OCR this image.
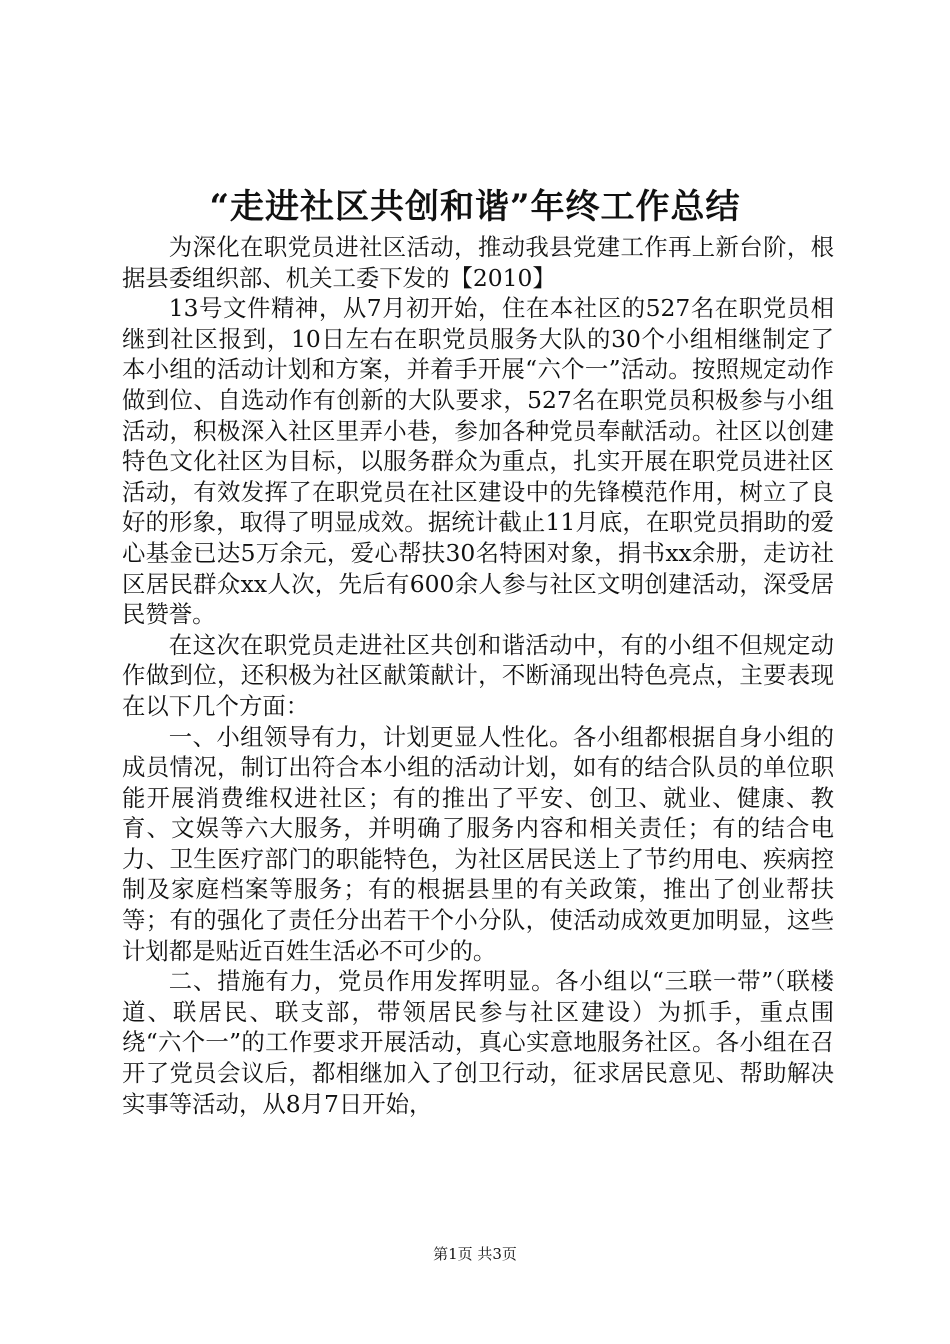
“走进社区共创和谐”年终工作总结

为深化在职党员进社区活动，推动我县党建工作再上新台阶，根据县委组织部、机关工委下发的【2010】

13号文件精神，从7月初开始，住在本社区的527名在职党员相继到社区报到，10日左右在职党员服务大队的30个小组相继制定了本小组的活动计划和方案，并着手开展“六个一”活动。按照规定动作做到位、自选动作有创新的大队要求，527名在职党员积极参与小组活动，积极深入社区里弄小巷，参加各种党员奉献活动。社区以创建特色文化社区为目标，以服务群众为重点，扎实开展在职党员进社区活动，有效发挥了在职党员在社区建设中的先锋模范作用，树立了良好的形象，取得了明显成效。据统计截止11月底，在职党员捐助的爱心基金已达5万余元，爱心帮扶30名特困对象，捐书xx余册，走访社区居民群众xx人次，先后有600余人参与社区文明创建活动，深受居民赞誉。

在这次在职党员走进社区共创和谐活动中，有的小组不但规定动作做到位，还积极为社区献策献计，不断涌现出特色亮点，主要表现在以下几个方面：

一、小组领导有力，计划更显人性化。各小组都根据自身小组的成员情况，制订出符合本小组的活动计划，如有的结合队员的单位职能开展消费维权进社区；有的推出了平安、创卫、就业、健康、教育、文娱等六大服务，并明确了服务内容和相关责任；有的结合电力、卫生医疗部门的职能特色，为社区居民送上了节约用电、疾病控制及家庭档案等服务；有的根据县里的有关政策，推出了创业帮扶等；有的强化了责任分出若干个小分队，使活动成效更加明显，这些计划都是贴近百姓生活必不可少的。

二、措施有力，党员作用发挥明显。各小组以“三联一带”（联楼道、联居民、联支部，带领居民参与社区建设）为抓手，重点围绕“六个一”的工作要求开展活动，真心实意地服务社区。各小组在召开了党员会议后，都相继加入了创卫行动，征求居民意见、帮助解决实事等活动，从8月7日开始，

第1页 共3页
